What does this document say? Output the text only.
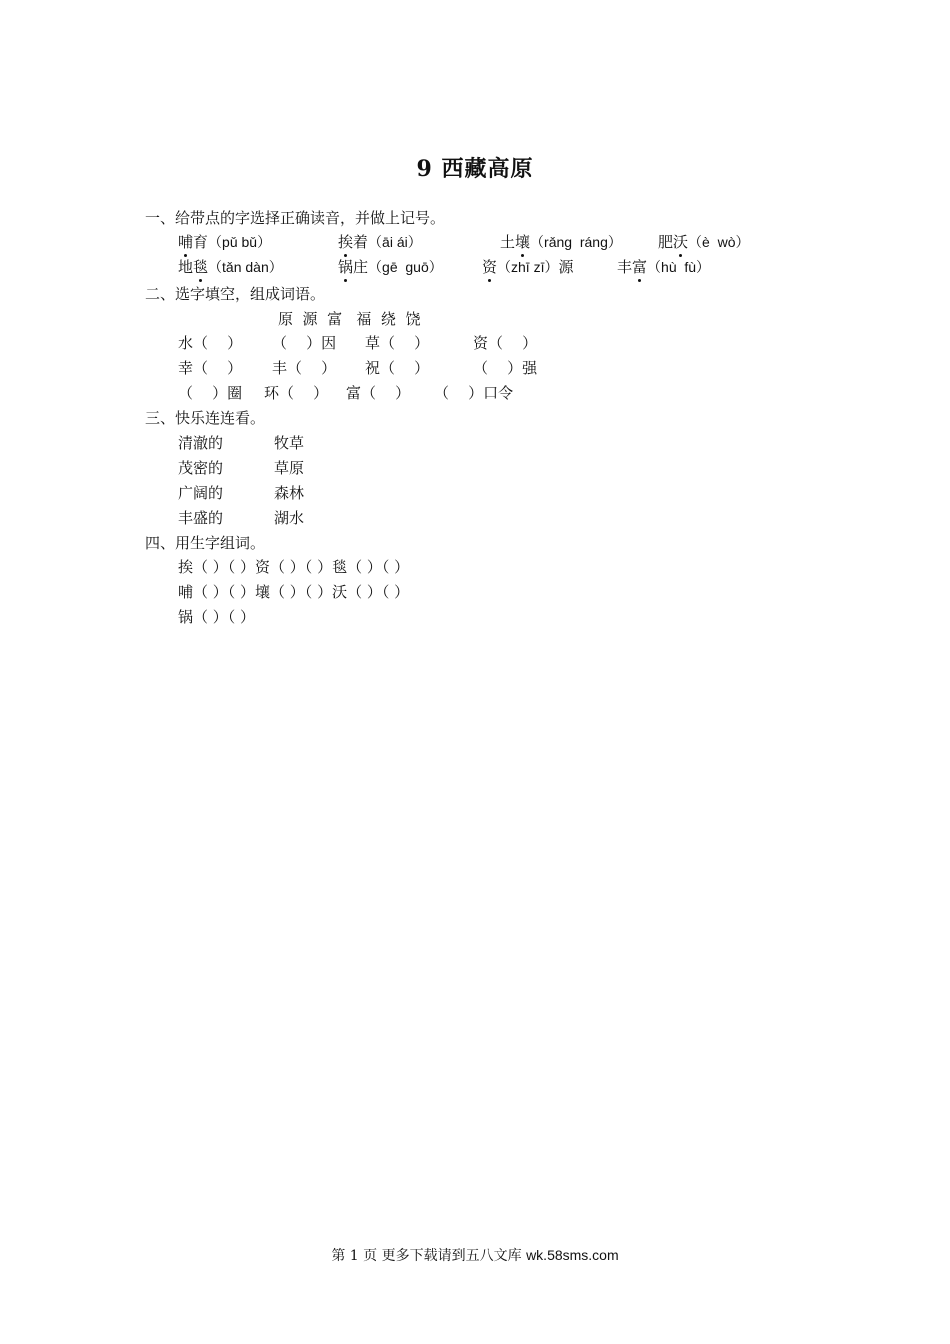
9 西藏高原
一、给带点的字选择正确读音，并做上记号。
哺育（pǔ bǔ）	挨着（āi ái）	土壤（rǎng  ráng） 肥沃（è  wò）
地毯（tǎn dàn）	锅庄（gē  guō）	资（zhī zī）源	丰富（hù  fù）
二、选字填空，组成词语。
原  源  富   福  绕  饶
水（    ） （    ）因 草（    ）	资（    ）
幸（    ） 丰（    ） 祝（    ）	（    ）强
（    ）圈 环（    ） 富（    ） （    ）口令
三、快乐连连看。
清澈的	牧草
茂密的	草原
广阔的	森林
丰盛的	湖水
四、用生字组词。
挨（ ）（ ）资（ ）（ ）毯（ ）（ ）
哺（ ）（ ）壤（ ）（ ）沃（ ）（ ）
锅（ ）（ ）
第 1 页 更多下载请到五八文库 wk.58sms.com
